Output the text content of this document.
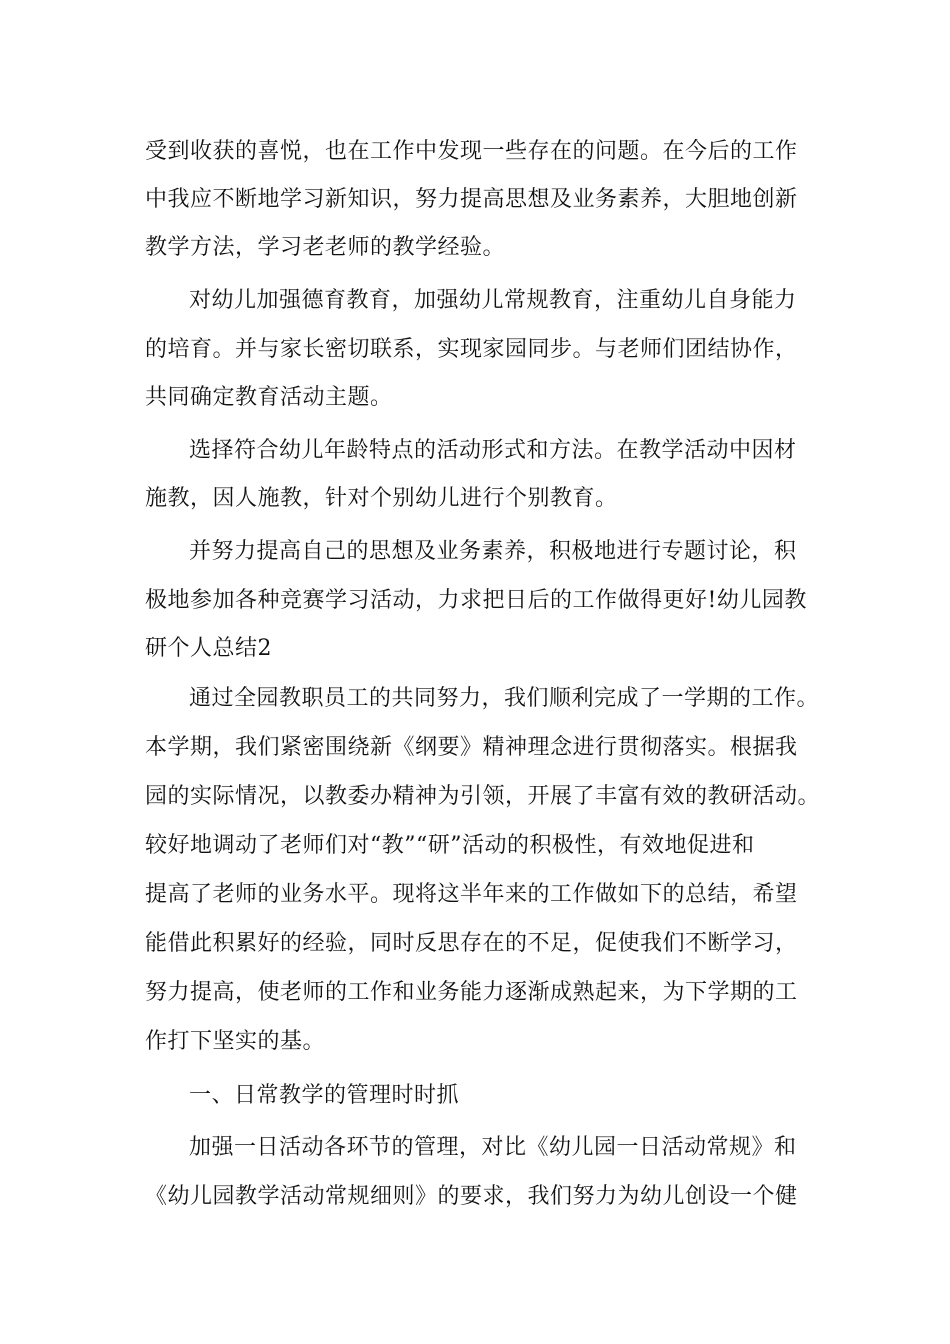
受到收获的喜悦，也在工作中发现一些存在的问题。在今后的工作
中我应不断地学习新知识，努力提高思想及业务素养，大胆地创新
教学方法，学习老老师的教学经验。
对幼儿加强德育教育，加强幼儿常规教育，注重幼儿自身能力
的培育。并与家长密切联系，实现家园同步。与老师们团结协作，
共同确定教育活动主题。
选择符合幼儿年龄特点的活动形式和方法。在教学活动中因材
施教，因人施教，针对个别幼儿进行个别教育。
并努力提高自己的思想及业务素养，积极地进行专题讨论，积
极地参加各种竞赛学习活动，力求把日后的工作做得更好!幼儿园教
研个人总结2
通过全园教职员工的共同努力，我们顺利完成了一学期的工作。
本学期，我们紧密围绕新《纲要》精神理念进行贯彻落实。根据我
园的实际情况，以教委办精神为引领，开展了丰富有效的教研活动。
较好地调动了老师们对“教”“研”活动的积极性，有效地促进和
提高了老师的业务水平。现将这半年来的工作做如下的总结，希望
能借此积累好的经验，同时反思存在的不足，促使我们不断学习，
努力提高，使老师的工作和业务能力逐渐成熟起来，为下学期的工
作打下坚实的基。
一、日常教学的管理时时抓
加强一日活动各环节的管理，对比《幼儿园一日活动常规》和
《幼儿园教学活动常规细则》的要求，我们努力为幼儿创设一个健
